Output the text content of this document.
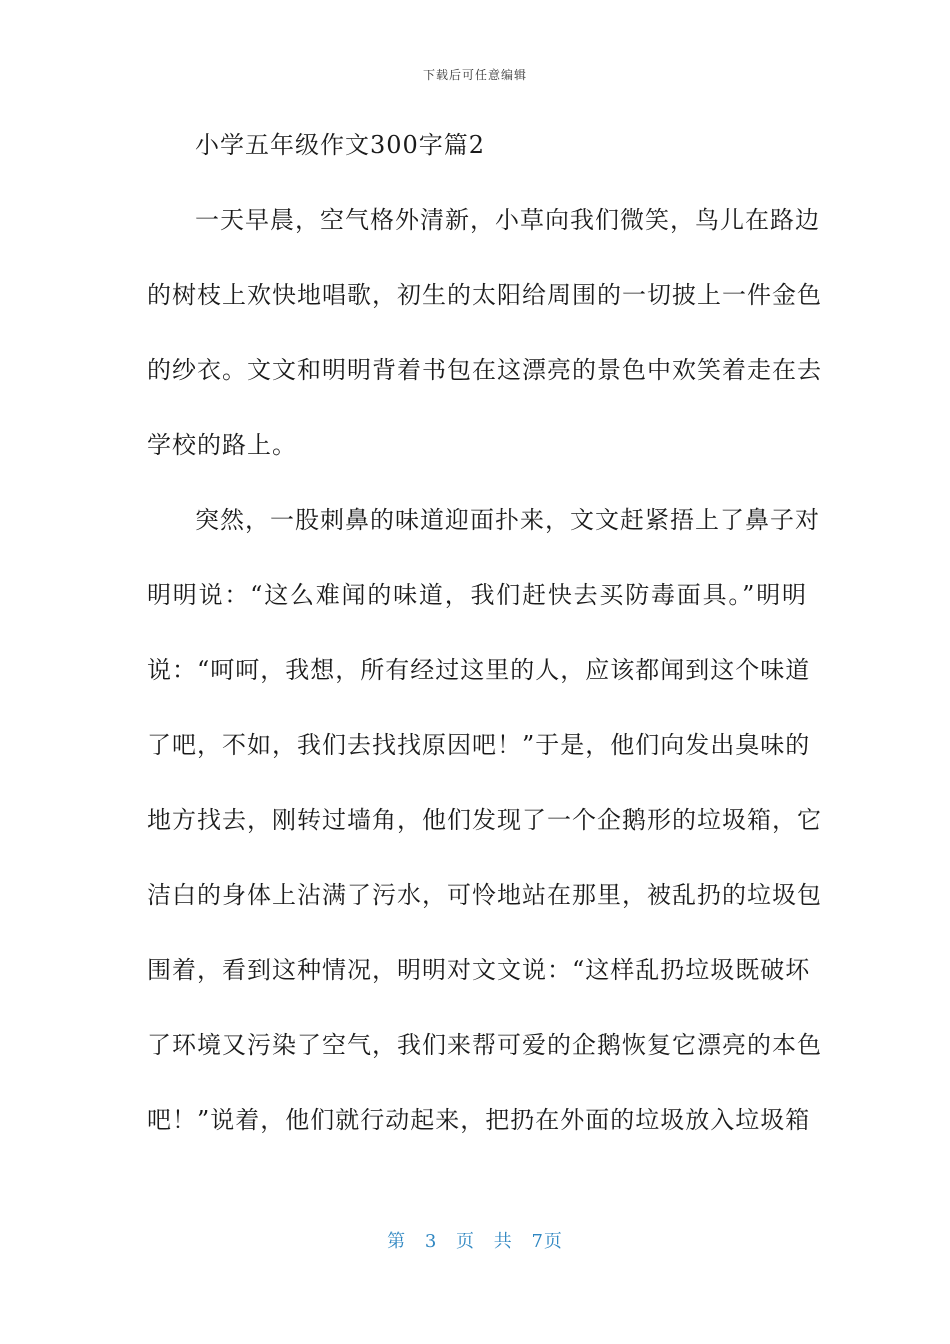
下载后可任意编辑
小学五年级作文300字篇2
一天早晨，空气格外清新，小草向我们微笑，鸟儿在路边
的树枝上欢快地唱歌，初生的太阳给周围的一切披上一件金色
的纱衣。文文和明明背着书包在这漂亮的景色中欢笑着走在去
学校的路上。
突然，一股刺鼻的味道迎面扑来，文文赶紧捂上了鼻子对
明明说：“这么难闻的味道，我们赶快去买防毒面具。”明明
说：“呵呵，我想，所有经过这里的人，应该都闻到这个味道
了吧，不如，我们去找找原因吧！”于是，他们向发出臭味的
地方找去，刚转过墙角，他们发现了一个企鹅形的垃圾箱，它
洁白的身体上沾满了污水，可怜地站在那里，被乱扔的垃圾包
围着，看到这种情况，明明对文文说：“这样乱扔垃圾既破坏
了环境又污染了空气，我们来帮可爱的企鹅恢复它漂亮的本色
吧！”说着，他们就行动起来，把扔在外面的垃圾放入垃圾箱
第 3 页 共 7页
